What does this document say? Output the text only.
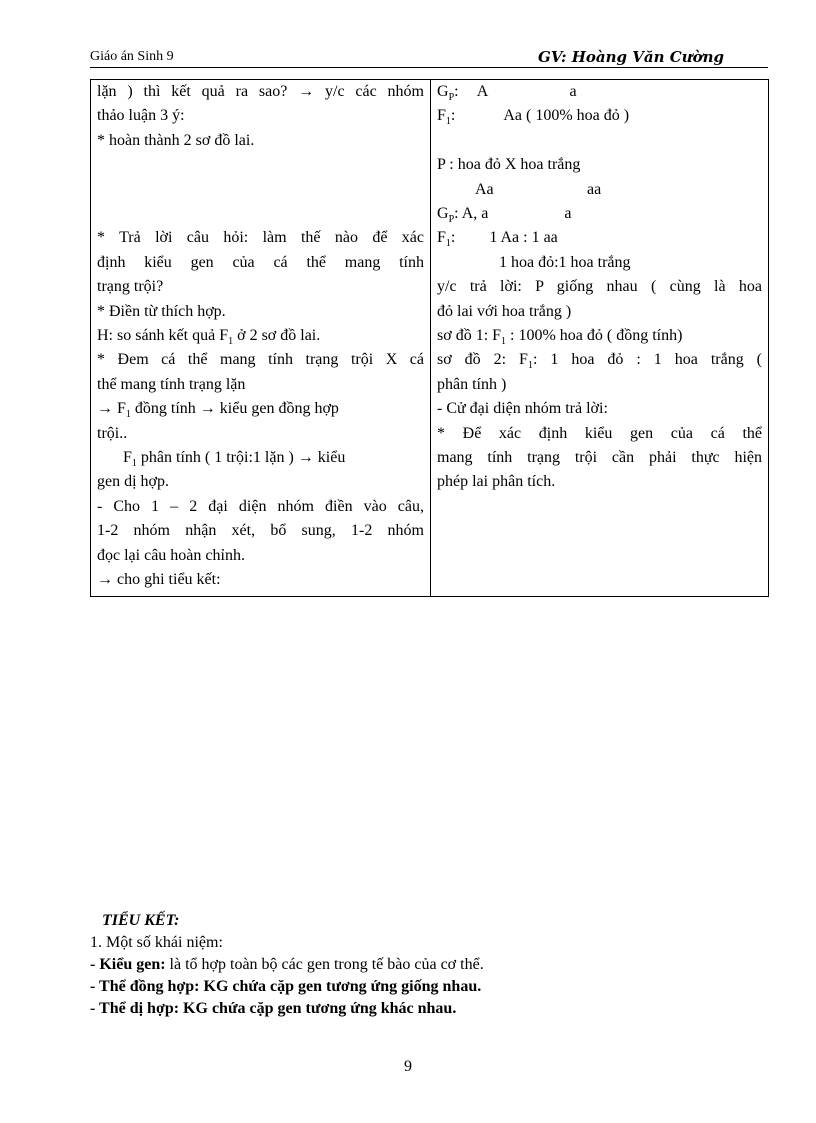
Giáo án Sinh 9	GV: Hoàng Văn Cường
lặn ) thì kết quả ra sao? → y/c các nhóm
thảo luận 3 ý:
* hoàn thành 2 sơ đồ lai.
* Trả lời câu hỏi: làm thế nào để xác
định kiểu gen của cá thể mang tính
trạng trội?
* Điền từ thích hợp.
H: so sánh kết quả $F_1$ ở 2 sơ đồ lai.
* Đem cá thể mang tính trạng trội X cá
thể mang tính trạng lặn
→ $F_1$ đồng tính → kiểu gen đồng hợp
trội..
$F_1$ phân tính ( 1 trội:1 lặn ) → kiểu
gen dị hợp.
- Cho 1 – 2 đại diện nhóm điền vào câu,
1-2 nhóm nhận xét, bổ sung, 1-2 nhóm
đọc lại câu hoàn chỉnh.
→ cho ghi tiểu kết:

$G_P$: A	a
$F_1$:	Aa ( 100% hoa đỏ )
P : hoa đỏ X hoa trắng
Aa	aa
$G_P$: A, a	a
$F_1$: 1 Aa : 1 aa
1 hoa đỏ:1 hoa trắng
y/c trả lời: P giống nhau ( cùng là hoa
đỏ lai với hoa trắng )
sơ đồ 1: $F_1$ : 100% hoa đỏ ( đồng tính)
sơ đồ 2: $F_1$: 1 hoa đỏ : 1 hoa trắng (
phân tính )
- Cử đại diện nhóm trả lời:
* Để xác định kiểu gen của cá thể
mang tính trạng trội cần phải thực hiện
phép lai phân tích.
TIỂU KẾT:
1. Một số khái niệm:
- Kiểu gen: là tổ hợp toàn bộ các gen trong tế bào của cơ thể.
- Thể đồng hợp: KG chứa cặp gen tương ứng giống nhau.
- Thể dị hợp: KG chứa cặp gen tương ứng khác nhau.
9
